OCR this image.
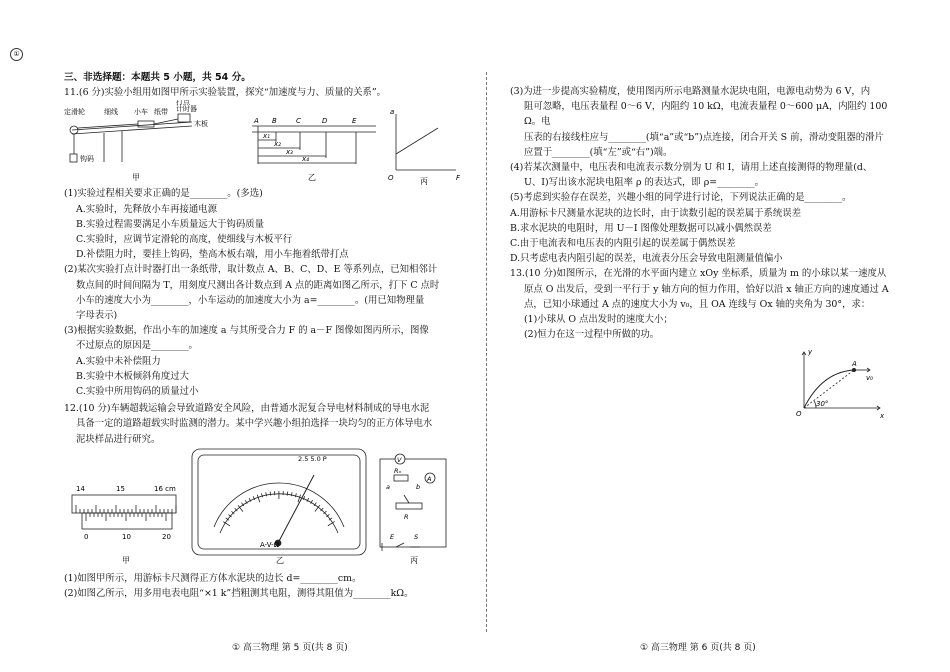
①

三、非选择题：本题共 5 小题，共 54 分。

11.(6 分)实验小组用如图甲所示实验装置，探究“加速度与力、质量的关系”。

定滑轮	细线 小车 纸带
打点
计时器
木板
钩码
甲
A B	C	D	E
x₁
x₂
x₃
x₄
乙
a
F
O	丙

(1)实验过程相关要求正确的是________。(多选)

A.实验时，先释放小车再接通电源

B.实验过程需要满足小车质量远大于钩码质量

C.实验时，应调节定滑轮的高度，使细线与木板平行

D.补偿阻力时，要挂上钩码，垫高木板右端，用小车拖着纸带打点

(2)某次实验打点计时器打出一条纸带，取计数点 A、B、C、D、E 等系列点，已知相邻计

数点间的时间间隔为 T，用刻度尺测出各计数点到 A 点的距离如图乙所示，打下 C 点时

小车的速度大小为________，小车运动的加速度大小为 a=________。(用已知物理量

字母表示)

(3)根据实验数据，作出小车的加速度 a 与其所受合力 F 的 a－F 图像如图丙所示，图像

不过原点的原因是________。

A.实验中未补偿阻力

B.实验中木板倾斜角度过大

C.实验中所用钩码的质量过小

12.(10 分)车辆超载运输会导致道路安全风险，由普通水泥复合导电材料制成的导电水泥

具备一定的道路超载实时监测的潜力。某中学兴趣小组拍选择一块均匀的正方体导电水

泥块样品进行研究。

14	15	16 cm
0	10	20
甲
2.5 5.0 P
A-V-Ω
乙
V
A
Rₓ
R
E	S
a	b
丙

(1)如图甲所示，用游标卡尺测得正方体水泥块的边长 d=________cm。

(2)如图乙所示，用多用电表电阻“×1 k”挡粗测其电阻，测得其阻值为________kΩ。

(3)为进一步提高实验精度，使用图丙所示电路测量水泥块电阻，电源电动势为 6 V，内

阻可忽略，电压表量程 0～6 V，内阻约 10 kΩ，电流表量程 0～600 μA，内阻约 100 Ω。电

压表的右接线柱应与________(填“a”或“b”)点连接，闭合开关 S 前，滑动变阻器的滑片

应置于________(填“左”或“右”)端。

(4)若某次测量中，电压表和电流表示数分别为 U 和 I，请用上述直接测得的物理量(d、

U、I)写出该水泥块电阻率 ρ 的表达式，即 ρ=________。

(5)考虑到实验存在误差，兴趣小组的同学进行讨论，下列说法正确的是________。

A.用游标卡尺测量水泥块的边长时，由于读数引起的误差属于系统误差

B.求水泥块的电阻时，用 U－I 图像处理数据可以减小偶然误差

C.由于电流表和电压表的内阻引起的误差属于偶然误差

D.只考虑电表内阻引起的误差，电流表分压会导致电阻测量值偏小

13.(10 分)如图所示，在光滑的水平面内建立 xOy 坐标系，质量为 m 的小球以某一速度从

原点 O 出发后，受到一平行于 y 轴方向的恒力作用，恰好以沿 x 轴正方向的速度通过 A

点，已知小球通过 A 点的速度大小为 v₀，且 OA 连线与 Ox 轴的夹角为 30°，求：

(1)小球从 O 点出发时的速度大小；

(2)恒力在这一过程中所做的功。

y
x
O
A
v₀
30°
① 高三物理 第 5 页(共 8 页)	① 高三物理 第 6 页(共 8 页)
